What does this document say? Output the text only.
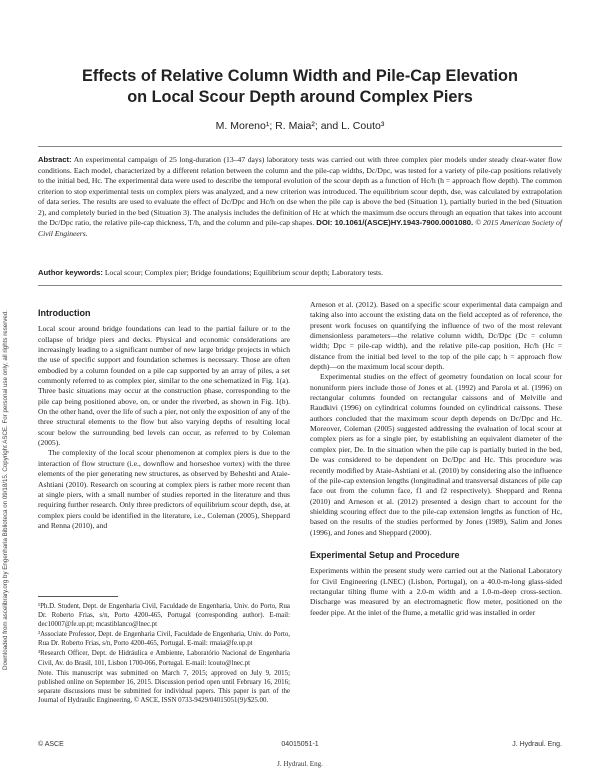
Downloaded from ascelibrary.org by Engenharia Biblioteca on 09/18/15. Copyright ASCE. For personal use only; all rights reserved.
Effects of Relative Column Width and Pile-Cap Elevation
on Local Scour Depth around Complex Piers
M. Moreno¹; R. Maia²; and L. Couto³
Abstract: An experimental campaign of 25 long-duration (13–47 days) laboratory tests was carried out with three complex pier models under steady clear-water flow conditions. Each model, characterized by a different relation between the column and the pile-cap widths, Dc/Dpc, was tested for a variety of pile-cap positions relatively to the initial bed, Hc. The experimental data were used to describe the temporal evolution of the scour depth as a function of Hc/h (h = approach flow depth). The common criterion to stop experimental tests on complex piers was analyzed, and a new criterion was introduced. The equilibrium scour depth, dse, was calculated by extrapolation of data series. The results are used to evaluate the effect of Dc/Dpc and Hc/h on dse when the pile cap is above the bed (Situation 1), partially buried in the bed (Situation 2), and completely buried in the bed (Situation 3). The analysis includes the definition of Hc at which the maximum dse occurs through an equation that takes into account the Dc/Dpc ratio, the relative pile-cap thickness, T/h, and the column and pile-cap shapes. DOI: 10.1061/(ASCE)HY.1943-7900.0001080. © 2015 American Society of Civil Engineers.
Author keywords: Local scour; Complex pier; Bridge foundations; Equilibrium scour depth; Laboratory tests.
Introduction

Local scour around bridge foundations can lead to the partial failure or to the collapse of bridge piers and decks. Physical and economic considerations are increasingly leading to a significant number of new large bridge projects in which the use of specific support and foundation schemes is necessary. Those are often embodied by a column founded on a pile cap supported by an array of piles, a set commonly referred to as complex pier, similar to the one schematized in Fig. 1(a). Three basic situations may occur at the construction phase, corresponding to the pile cap being positioned above, on, or under the riverbed, as shown in Fig. 1(b). On the other hand, over the life of such a pier, not only the exposition of any of the three structural elements to the flow but also varying depths of resulting local scour below the surrounding bed levels can occur, as referred to by Coleman (2005).

The complexity of the local scour phenomenon at complex piers is due to the interaction of flow structure (i.e., downflow and horseshoe vortex) with the three elements of the pier generating new structures, as observed by Beheshti and Ataie-Ashtiani (2010). Research on scouring at complex piers is rather more recent than at single piers, with a small number of studies reported in the literature and thus requiring further research. Only three predictors of equilibrium scour depth, dse, at complex piers could be identified in the literature, i.e., Coleman (2005), Sheppard and Renna (2010), and

Arneson et al. (2012). Based on a specific scour experimental data campaign and taking also into account the existing data on the field accepted as of reference, the present work focuses on quantifying the influence of two of the most relevant dimensionless parameters—the relative column width, Dc/Dpc (Dc = column width; Dpc = pile-cap width), and the relative pile-cap position, Hc/h (Hc = distance from the initial bed level to the top of the pile cap; h = approach flow depth)—on the maximum local scour depth.

Experimental studies on the effect of geometry foundation on local scour for nonuniform piers include those of Jones et al. (1992) and Parola et al. (1996) on rectangular columns founded on rectangular caissons and of Melville and Raudkivi (1996) on cylindrical columns founded on cylindrical caissons. These authors concluded that the maximum scour depth depends on Dc/Dpc and Hc. Moreover, Coleman (2005) suggested addressing the evaluation of local scour at complex piers as for a single pier, by establishing an equivalent diameter of the complex pier, De. In the situation when the pile cap is partially buried in the bed, De was considered to be dependent on Dc/Dpc and Hc. This procedure was recently modified by Ataie-Ashtiani et al. (2010) by considering also the influence of the pile-cap extension lengths (longitudinal and transversal distances of pile cap face out from the column face, f1 and f2 respectively). Sheppard and Renna (2010) and Arneson et al. (2012) presented a design chart to account for the shielding scouring effect due to the pile-cap extension lengths as function of Hc, based on the results of the studies performed by Jones (1989), Salim and Jones (1996), and Jones and Sheppard (2000).

Experimental Setup and Procedure

Experiments within the present study were carried out at the National Laboratory for Civil Engineering (LNEC) (Lisbon, Portugal), on a 40.0-m-long glass-sided rectangular tilting flume with a 2.0-m width and a 1.0-m-deep cross-section. Discharge was measured by an electromagnetic flow meter, positioned on the feeder pipe. At the inlet of the flume, a metallic grid was installed in order

¹Ph.D. Student, Dept. de Engenharia Civil, Faculdade de Engenharia, Univ. do Porto, Rua Dr. Roberto Frias, s/n, Porto 4200-465, Portugal (corresponding author). E-mail: dec10007@fe.up.pt; mcastiblanco@lnec.pt

²Associate Professor, Dept. de Engenharia Civil, Faculdade de Engenharia, Univ. do Porto, Rua Dr. Roberto Frias, s/n, Porto 4200-465, Portugal. E-mail: rmaia@fe.up.pt

³Research Officer, Dept. de Hidráulica e Ambiente, Laboratório Nacional de Engenharia Civil, Av. do Brasil, 101, Lisbon 1700-066, Portugal. E-mail: lcouto@lnec.pt

Note. This manuscript was submitted on March 7, 2015; approved on July 9, 2015; published online on September 16, 2015. Discussion period open until February 16, 2016; separate discussions must be submitted for individual papers. This paper is part of the Journal of Hydraulic Engineering, © ASCE, ISSN 0733-9429/04015051(9)/$25.00.

© ASCE	04015051-1	J. Hydraul. Eng.
J. Hydraul. Eng.
